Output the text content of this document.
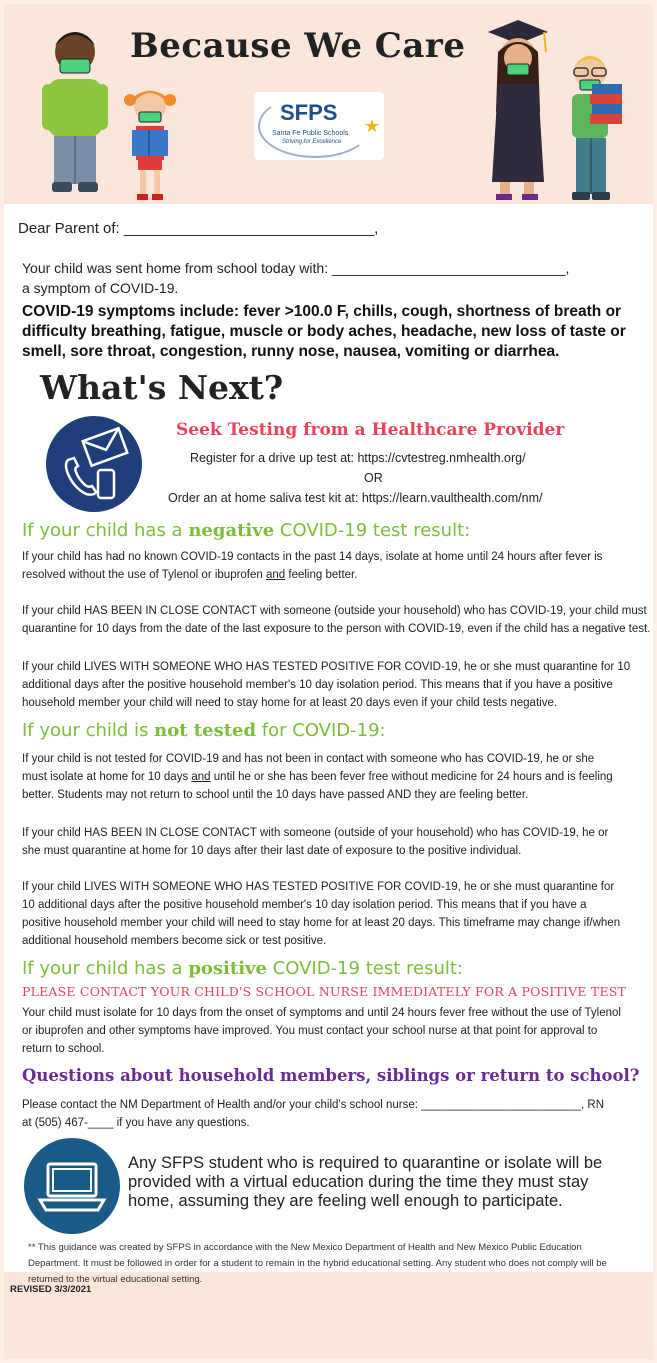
Because We Care
SFPS
Santa Fe Public Schools
Striving for Excellence
★
Dear Parent of: ______________________________,
Your child was sent home from school today with: ______________________________,
a symptom of COVID-19.
COVID-19 symptoms include: fever >100.0 F, chills, cough, shortness of breath or difficulty breathing, fatigue, muscle or body aches, headache, new loss of taste or smell, sore throat, congestion, runny nose, nausea, vomiting or diarrhea.
What's Next?
Seek Testing from a Healthcare Provider
Register for a drive up test at: https://cvtestreg.nmhealth.org/
OR
Order an at home saliva test kit at: https://learn.vaulthealth.com/nm/
If your child has a negative COVID-19 test result:
If your child has had no known COVID-19 contacts in the past 14 days, isolate at home until 24 hours after fever is resolved without the use of Tylenol or ibuprofen and feeling better.
If your child HAS BEEN IN CLOSE CONTACT with someone (outside your household) who has COVID-19, your child must quarantine for 10 days from the date of the last exposure to the person with COVID-19, even if the child has a negative test.
If your child LIVES WITH SOMEONE WHO HAS TESTED POSITIVE FOR COVID-19, he or she must quarantine for 10 additional days after the positive household member's 10 day isolation period. This means that if you have a positive household member your child will need to stay home for at least 20 days even if your child tests negative.
If your child is not tested for COVID-19:
If your child is not tested for COVID-19 and has not been in contact with someone who has COVID-19, he or she must isolate at home for 10 days and until he or she has been fever free without medicine for 24 hours and is feeling better. Students may not return to school until the 10 days have passed AND they are feeling better.
If your child HAS BEEN IN CLOSE CONTACT with someone (outside of your household) who has COVID-19, he or she must quarantine at home for 10 days after their last date of exposure to the positive individual.
If your child LIVES WITH SOMEONE WHO HAS TESTED POSITIVE FOR COVID-19, he or she must quarantine for 10 additional days after the positive household member's 10 day isolation period. This means that if you have a positive household member your child will need to stay home for at least 20 days. This timeframe may change if/when additional household members become sick or test positive.
If your child has a positive COVID-19 test result:
PLEASE CONTACT YOUR CHILD'S SCHOOL NURSE IMMEDIATELY FOR A POSITIVE TEST
Your child must isolate for 10 days from the onset of symptoms and until 24 hours fever free without the use of Tylenol or ibuprofen and other symptoms have improved. You must contact your school nurse at that point for approval to return to school.
Questions about household members, siblings or return to school?
Please contact the NM Department of Health and/or your child's school nurse: _________________________, RN
at (505) 467-____ if you have any questions.
Any SFPS student who is required to quarantine or isolate will be provided with a virtual education during the time they must stay home, assuming they are feeling well enough to participate.
** This guidance was created by SFPS in accordance with the New Mexico Department of Health and New Mexico Public Education Department. It must be followed in order for a student to remain in the hybrid educational setting. Any student who does not comply will be returned to the virtual educational setting.
REVISED 3/3/2021
